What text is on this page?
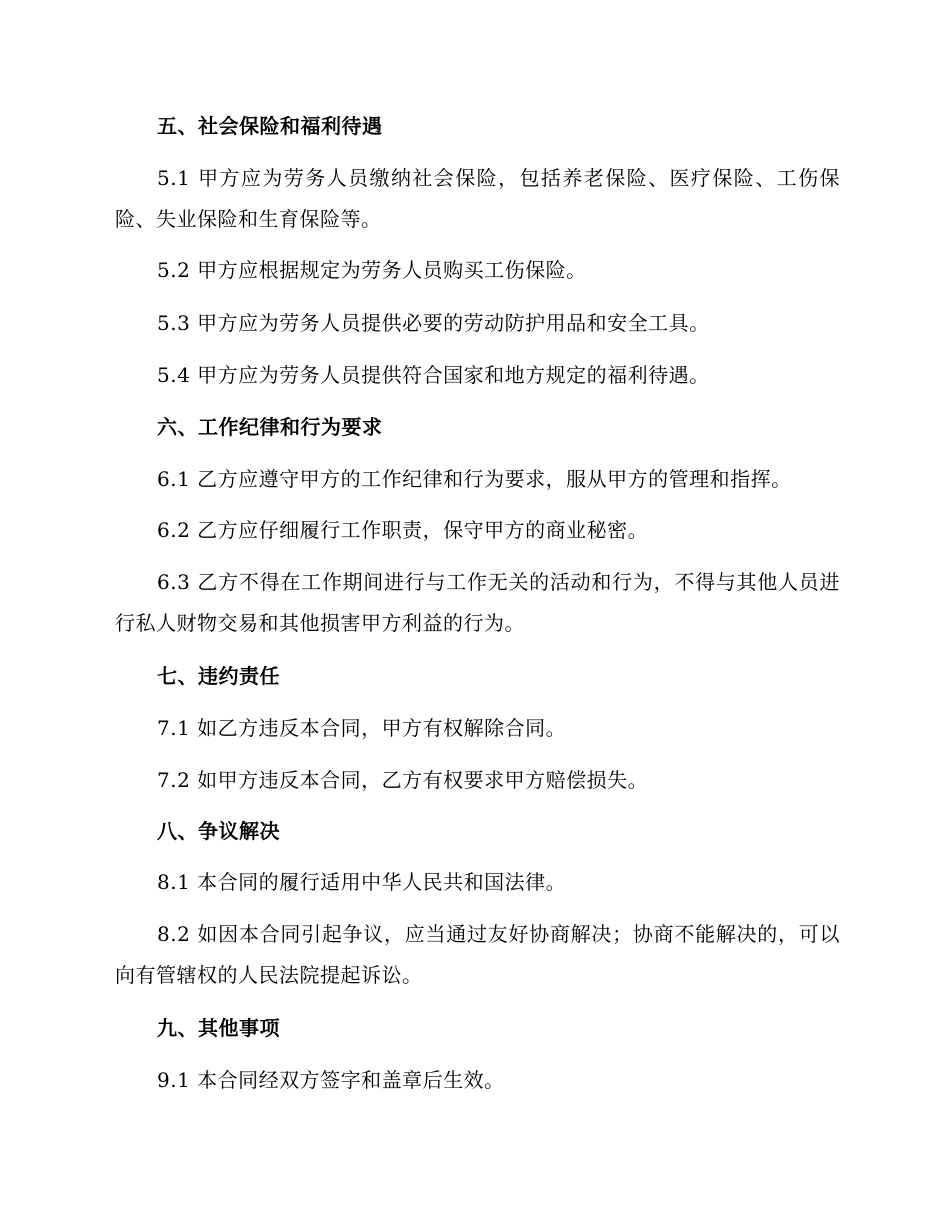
五、社会保险和福利待遇
5.1 甲方应为劳务人员缴纳社会保险，包括养老保险、医疗保险、工伤保险、失业保险和生育保险等。
5.2 甲方应根据规定为劳务人员购买工伤保险。
5.3 甲方应为劳务人员提供必要的劳动防护用品和安全工具。
5.4 甲方应为劳务人员提供符合国家和地方规定的福利待遇。
六、工作纪律和行为要求
6.1 乙方应遵守甲方的工作纪律和行为要求，服从甲方的管理和指挥。
6.2 乙方应仔细履行工作职责，保守甲方的商业秘密。
6.3 乙方不得在工作期间进行与工作无关的活动和行为，不得与其他人员进行私人财物交易和其他损害甲方利益的行为。
七、违约责任
7.1 如乙方违反本合同，甲方有权解除合同。
7.2 如甲方违反本合同，乙方有权要求甲方赔偿损失。
八、争议解决
8.1 本合同的履行适用中华人民共和国法律。
8.2 如因本合同引起争议，应当通过友好协商解决；协商不能解决的，可以向有管辖权的人民法院提起诉讼。
九、其他事项
9.1 本合同经双方签字和盖章后生效。
